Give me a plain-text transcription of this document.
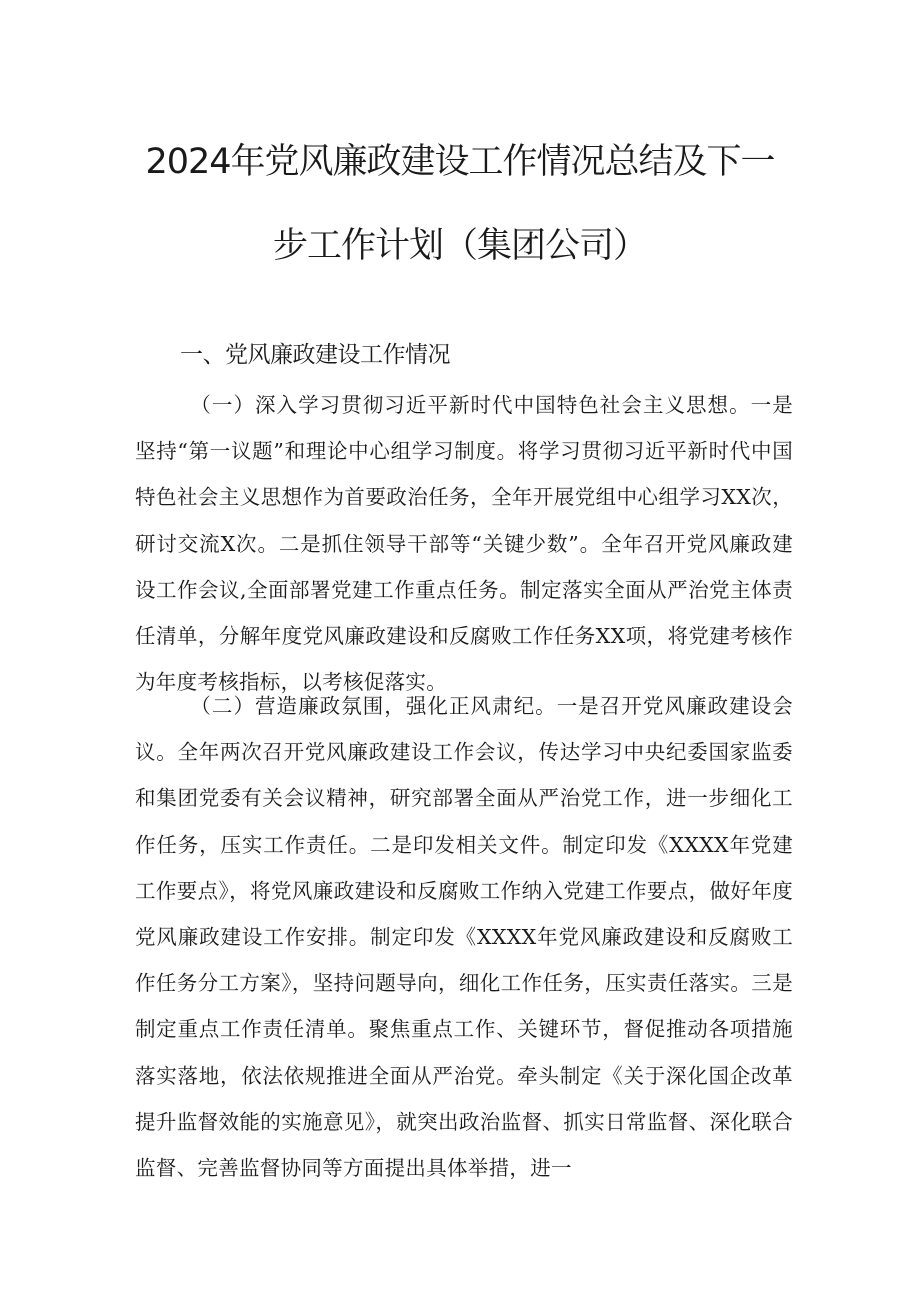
2024年党风廉政建设工作情况总结及下一
步工作计划（集团公司）
一、党风廉政建设工作情况

（一）深入学习贯彻习近平新时代中国特色社会主义思想。一是坚持“第一议题”和理论中心组学习制度。将学习贯彻习近平新时代中国特色社会主义思想作为首要政治任务，全年开展党组中心组学习XX次，研讨交流X次。二是抓住领导干部等“关键少数”。全年召开党风廉政建设工作会议,全面部署党建工作重点任务。制定落实全面从严治党主体责任清单，分解年度党风廉政建设和反腐败工作任务XX项，将党建考核作为年度考核指标，以考核促落实。

（二）营造廉政氛围，强化正风肃纪。一是召开党风廉政建设会议。全年两次召开党风廉政建设工作会议，传达学习中央纪委国家监委和集团党委有关会议精神，研究部署全面从严治党工作，进一步细化工作任务，压实工作责任。二是印发相关文件。制定印发《XXXX年党建工作要点》，将党风廉政建设和反腐败工作纳入党建工作要点，做好年度党风廉政建设工作安排。制定印发《XXXX年党风廉政建设和反腐败工作任务分工方案》，坚持问题导向，细化工作任务，压实责任落实。三是制定重点工作责任清单。聚焦重点工作、关键环节，督促推动各项措施落实落地，依法依规推进全面从严治党。牵头制定《关于深化国企改革提升监督效能的实施意见》，就突出政治监督、抓实日常监督、深化联合监督、完善监督协同等方面提出具体举措，进一
